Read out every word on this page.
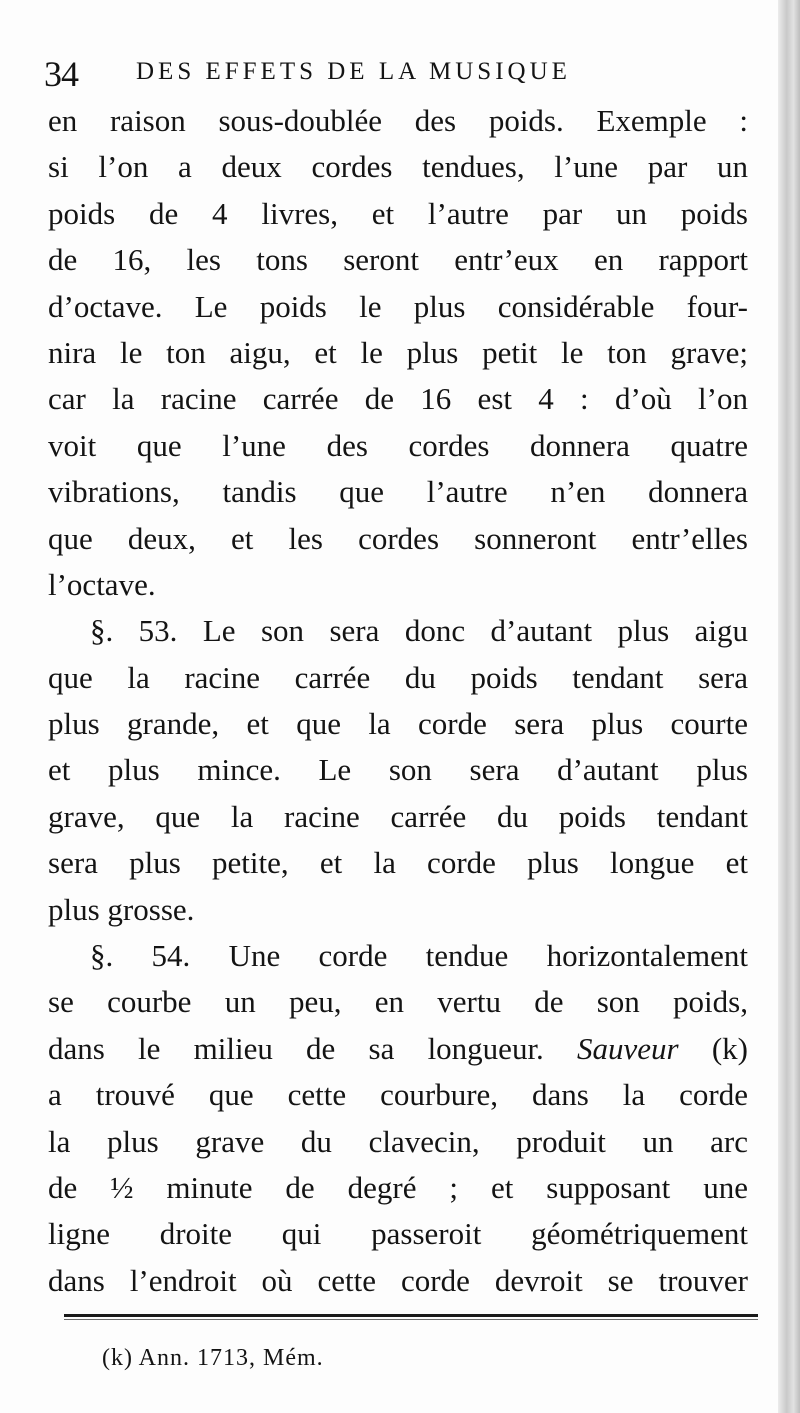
34 DES EFFETS DE LA MUSIQUE
en raison sous-doublée des poids. Exemple :
si l’on a deux cordes tendues, l’une par un
poids de 4 livres, et l’autre par un poids
de 16, les tons seront entr’eux en rapport
d’octave. Le poids le plus considérable four-
nira le ton aigu, et le plus petit le ton grave;
car la racine carrée de 16 est 4 : d’où l’on
voit que l’une des cordes donnera quatre
vibrations, tandis que l’autre n’en donnera
que deux, et les cordes sonneront entr’elles
l’octave.
§. 53. Le son sera donc d’autant plus aigu
que la racine carrée du poids tendant sera
plus grande, et que la corde sera plus courte
et plus mince. Le son sera d’autant plus
grave, que la racine carrée du poids tendant
sera plus petite, et la corde plus longue et
plus grosse.
§. 54. Une corde tendue horizontalement
se courbe un peu, en vertu de son poids,
dans le milieu de sa longueur. Sauveur (k)
a trouvé que cette courbure, dans la corde
la plus grave du clavecin, produit un arc
de ½ minute de degré ; et supposant une
ligne droite qui passeroit géométriquement
dans l’endroit où cette corde devroit se trouver
(k) Ann. 1713, Mém.
